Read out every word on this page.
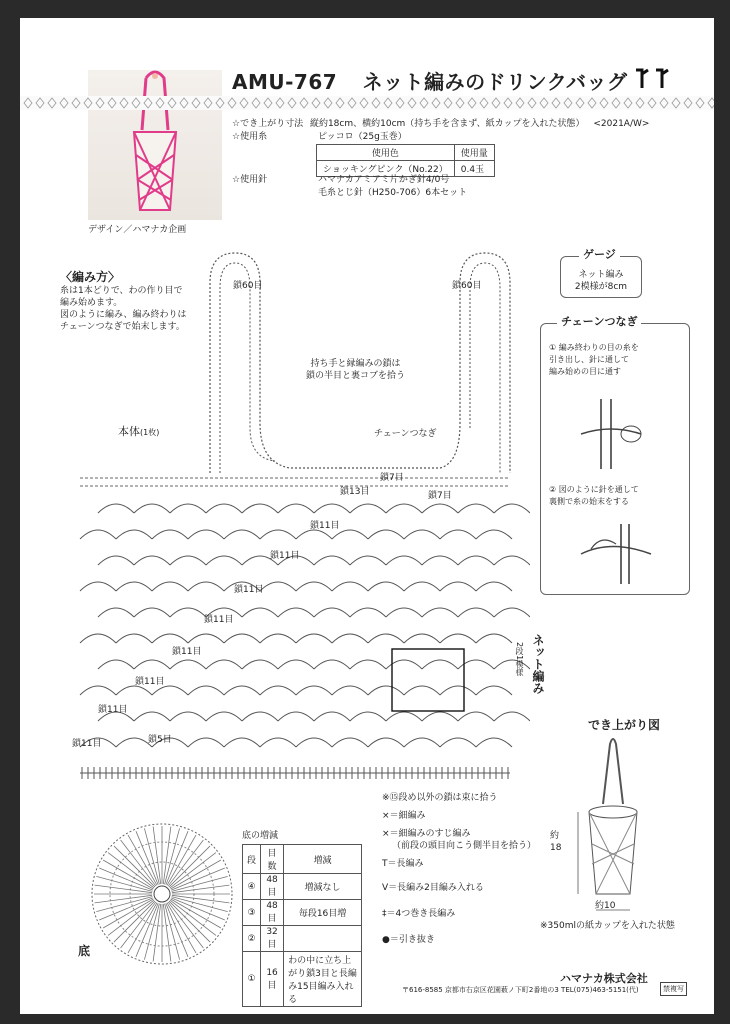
デザイン／ハマナカ企画
AMU-767 ネット編みのドリンクバッグ
☆でき上がり寸法 縦約18cm、横約10cm（持ち手を含まず、紙カップを入れた状態） <2021A/W>
☆使用糸	ピッコロ（25g玉巻）
使用色	使用量
ショッキングピンク（No.22）	0.4玉
☆使用針	ハマナカアミアミ片かぎ針4/0号
毛糸とじ針（H250-706）6本セット
〈編み方〉
糸は1本どりで、わの作り目で
編み始めます。
図のように編み、編み終わりは
チェーンつなぎで始末します。
本体(1枚)
鎖60目	鎖60目
持ち手と縁編みの鎖は
鎖の半目と裏コブを拾う
チェーンつなぎ
鎖7目
鎖7目
鎖13目
鎖11目
鎖11目
鎖11目
鎖11目
鎖11目
鎖11目
鎖11目
鎖11目	鎖5目
ネット編み
2段1模様
ゲージ
ネット編み
2模様が8cm
チェーンつなぎ
① 編み終わりの目の糸を
引き出し、針に通して
編み始めの目に通す
② 図のように針を通して
裏側で糸の始末をする
でき上がり図
約18
約10
※350mlの紙カップを入れた状態
※⑮段め以外の鎖は束に拾う
×＝細編み
×＝細編みのすじ編み
（前段の頭目向こう側半目を拾う）
T＝長編み
V＝長編み2目編み入れる
‡＝4つ巻き長編み
●＝引き抜き
底
底の増減
段	目数	増減
④	48目	増減なし
③	48目	毎段16目増
②	32目	
①	16目	わの中に立ち上がり鎖3目と長編み15目編み入れる
ハマナカ株式会社
〒616-8585 京都市右京区花園薮ノ下町2番地の3 TEL(075)463-5151(代)	禁複写
